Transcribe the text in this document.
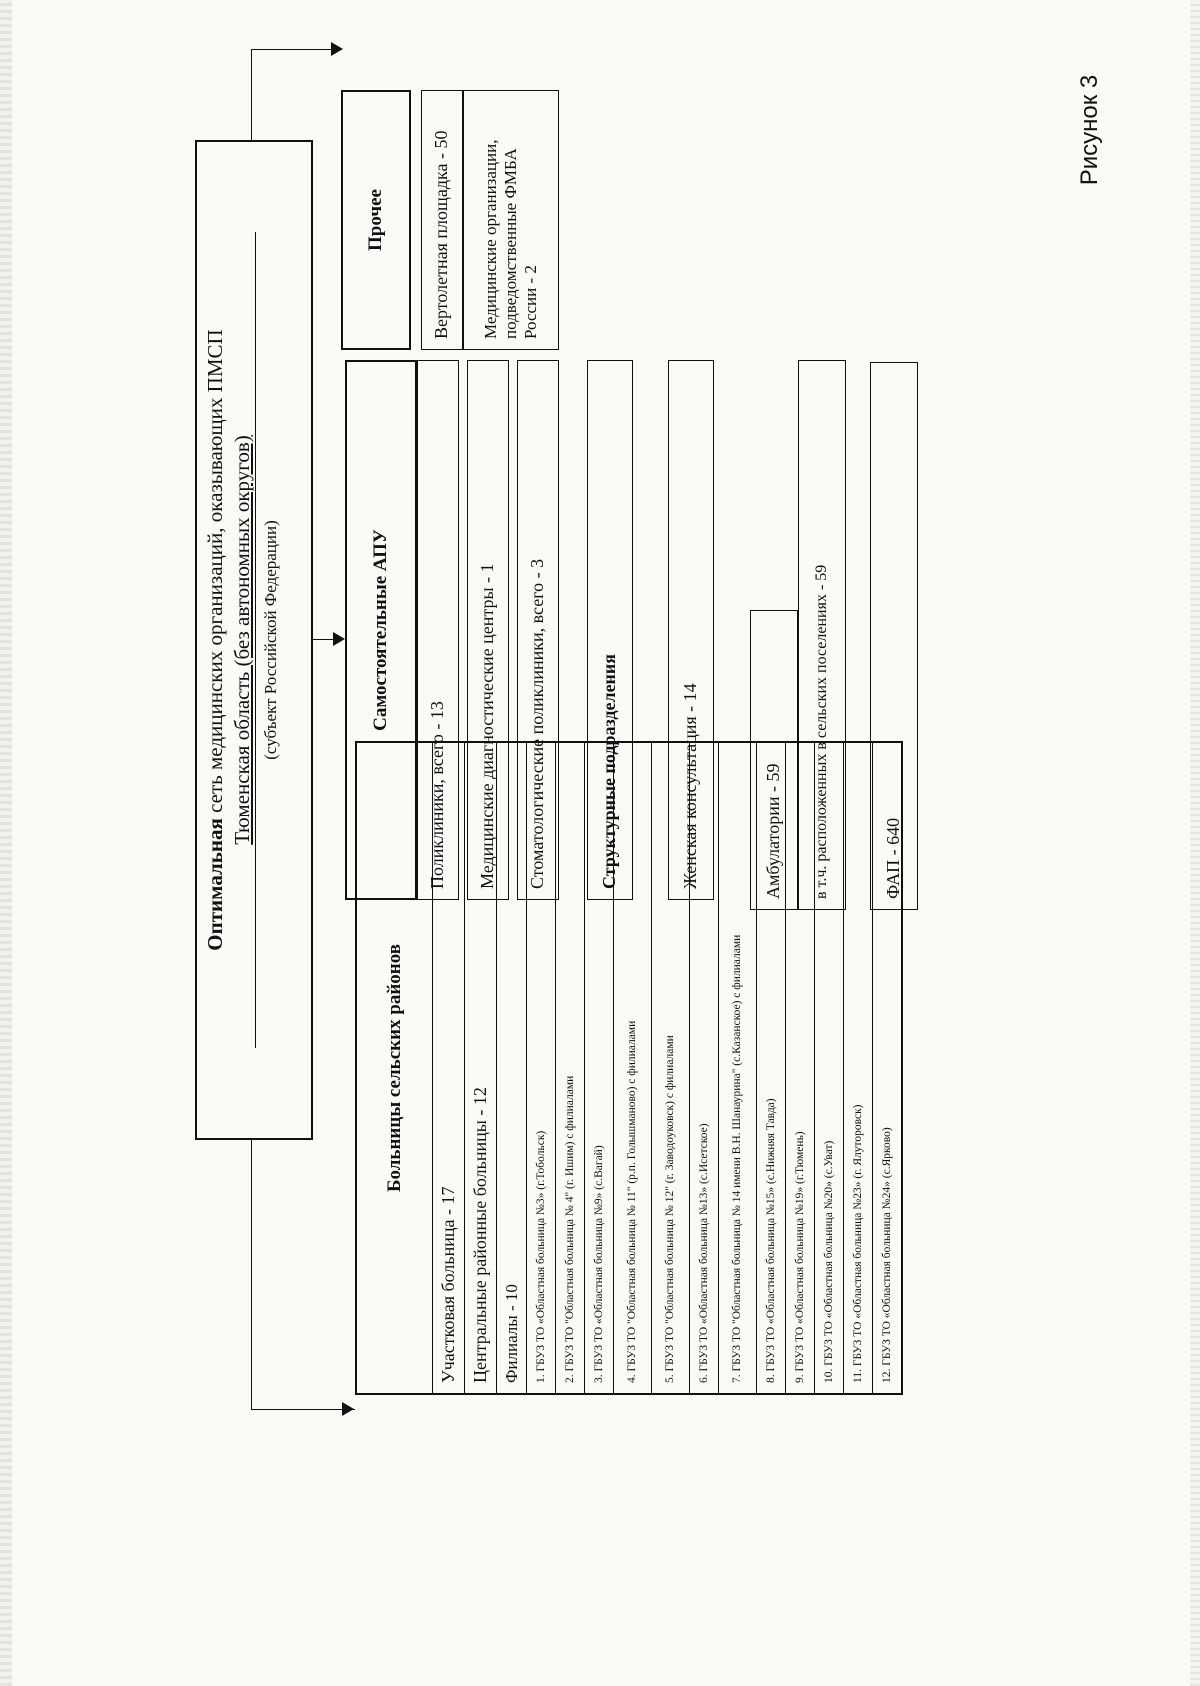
Рисунок 3
Оптимальная сеть медицинских организаций, оказывающих ПМСП Тюменская область (без автономных округов) (субъект Российской Федерации)
Больницы сельских районов
Участковая больница - 17 Центральные районные больницы - 12 Филиалы - 10	1. ГБУЗ ТО «Областная больница №3» (г.Тобольск)	2. ГБУЗ ТО "Областная больница № 4" (г. Ишим) с филиалами	3. ГБУЗ ТО «Областная больница №9» (с.Вагай)	4. ГБУЗ ТО "Областная больница № 11" (р.п. Голышманово) с филиалами	5. ГБУЗ ТО "Областная больница № 12" (г. Заводоуковск) с филиалами	6. ГБУЗ ТО «Областная больница №13» (с.Исетское)	7. ГБУЗ ТО "Областная больница № 14 имени В.Н. Шанаурина" (с.Казанское) с филиалами	8. ГБУЗ ТО «Областная больница №15» (с.Нижняя Тавда)	9. ГБУЗ ТО «Областная больница №19» (г.Тюмень)	10. ГБУЗ ТО «Областная больница №20» (с.Уват)	11. ГБУЗ ТО «Областная больница №23» (г. Ялуторовск)	12. ГБУЗ ТО «Областная больница №24» (с.Ярково)
Самостоятельные АПУ
Поликлиники, всего - 13	Медицинские диагностические центры - 1	Стоматологические поликлиники, всего - 3	Структурные подразделения	Женская консультация - 14	Амбулатории - 59	в т.ч. расположенных в сельских поселениях - 59	ФАП - 640
Прочее	Вертолетная площадка - 50	Медицинские организации, подведомственные ФМБА России - 2
